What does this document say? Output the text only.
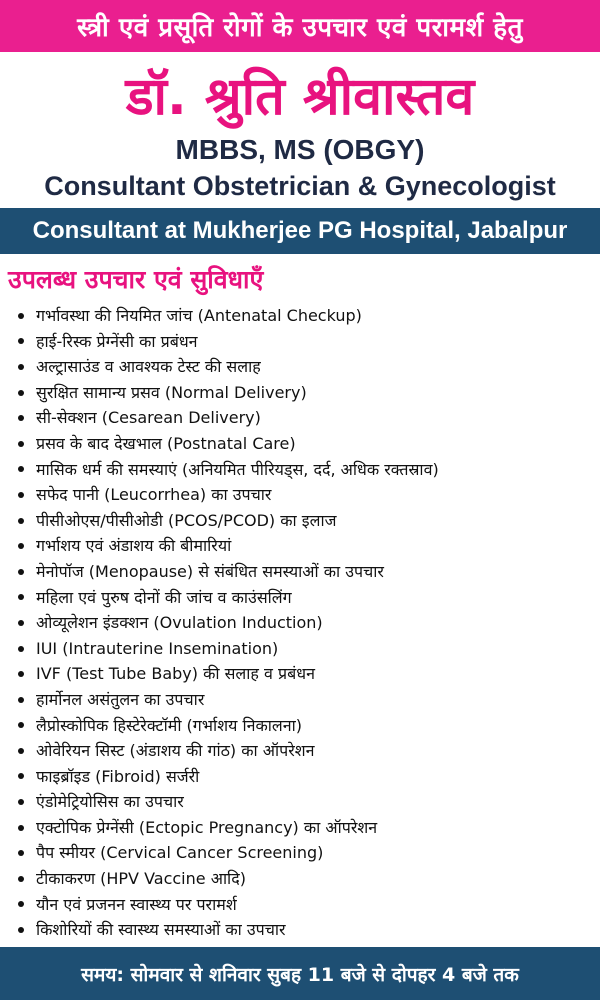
स्त्री एवं प्रसूति रोगों के उपचार एवं परामर्श हेतु
डॉ. श्रुति श्रीवास्तव
MBBS, MS (OBGY)
Consultant Obstetrician & Gynecologist
Consultant at Mukherjee PG Hospital, Jabalpur
उपलब्ध उपचार एवं सुविधाएँ
गर्भावस्था की नियमित जांच (Antenatal Checkup)
हाई-रिस्क प्रेग्नेंसी का प्रबंधन
अल्ट्रासाउंड व आवश्यक टेस्ट की सलाह
सुरक्षित सामान्य प्रसव (Normal Delivery)
सी-सेक्शन (Cesarean Delivery)
प्रसव के बाद देखभाल (Postnatal Care)
मासिक धर्म की समस्याएं (अनियमित पीरियड्स, दर्द, अधिक रक्तस्राव)
सफेद पानी (Leucorrhea) का उपचार
पीसीओएस/पीसीओडी (PCOS/PCOD) का इलाज
गर्भाशय एवं अंडाशय की बीमारियां
मेनोपॉज (Menopause) से संबंधित समस्याओं का उपचार
महिला एवं पुरुष दोनों की जांच व काउंसलिंग
ओव्यूलेशन इंडक्शन (Ovulation Induction)
IUI (Intrauterine Insemination)
IVF (Test Tube Baby) की सलाह व प्रबंधन
हार्मोनल असंतुलन का उपचार
लैप्रोस्कोपिक हिस्टेरेक्टॉमी (गर्भाशय निकालना)
ओवेरियन सिस्ट (अंडाशय की गांठ) का ऑपरेशन
फाइब्रॉइड (Fibroid) सर्जरी
एंडोमेट्रियोसिस का उपचार
एक्टोपिक प्रेग्नेंसी (Ectopic Pregnancy) का ऑपरेशन
पैप स्मीयर (Cervical Cancer Screening)
टीकाकरण (HPV Vaccine आदि)
यौन एवं प्रजनन स्वास्थ्य पर परामर्श
किशोरियों की स्वास्थ्य समस्याओं का उपचार
समय: सोमवार से शनिवार सुबह 11 बजे से दोपहर 4 बजे तक
